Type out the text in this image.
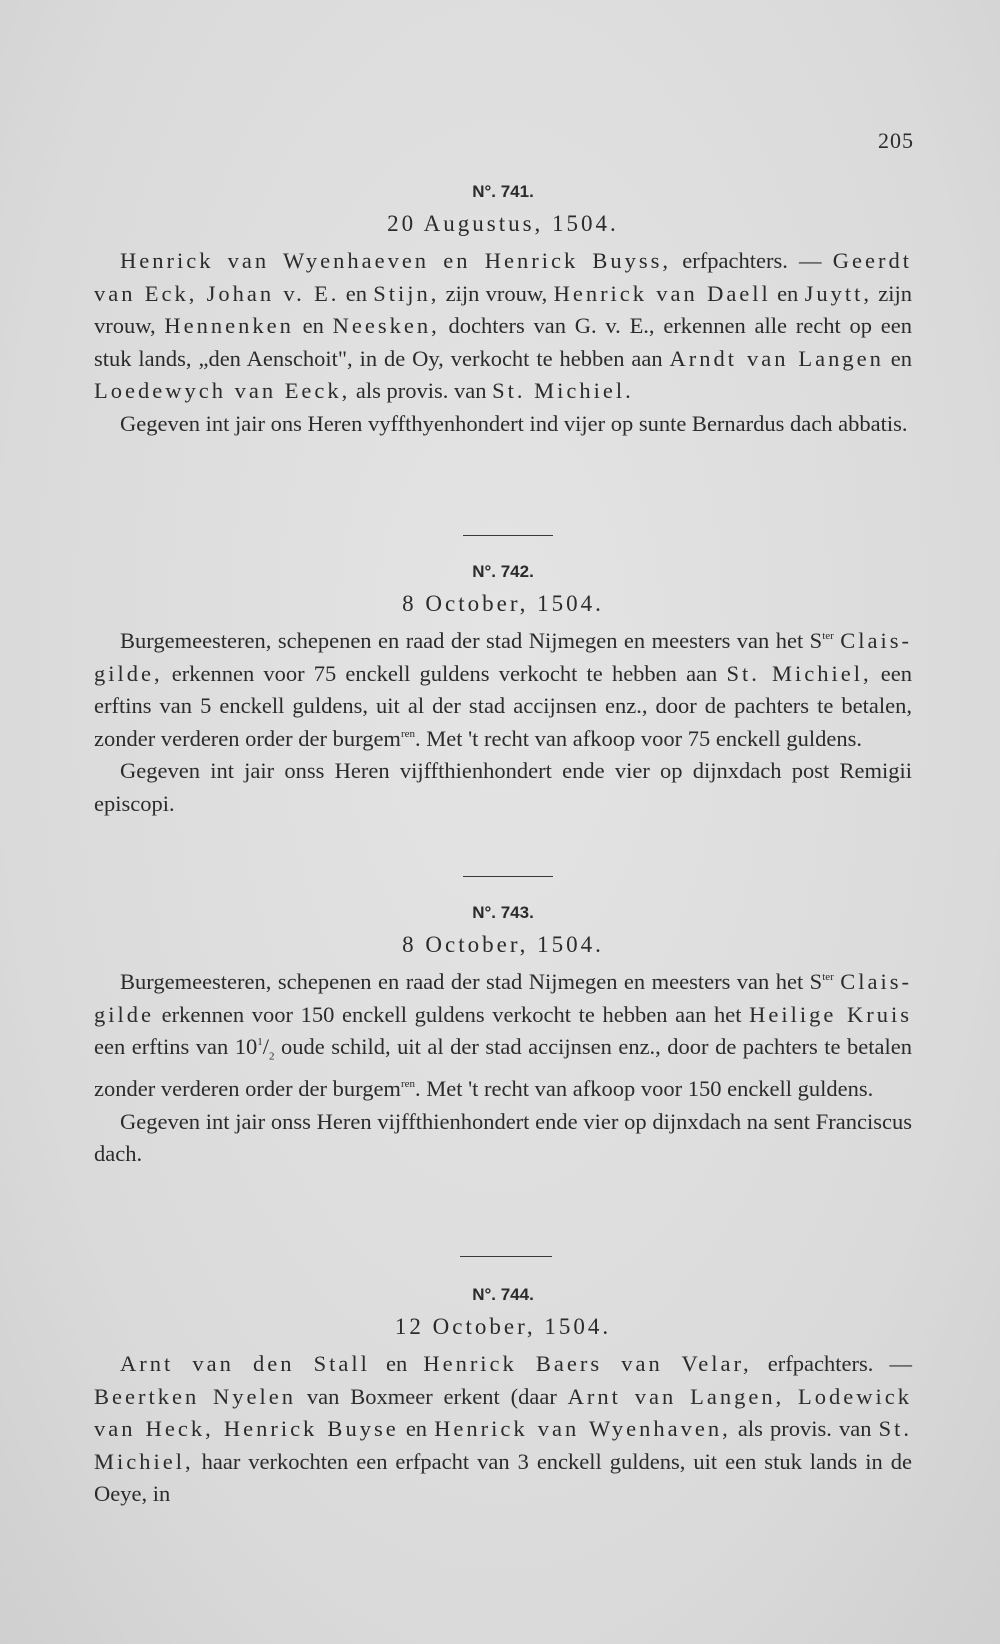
205
N°. 741.
20 Augustus, 1504.

Henrick van Wyenhaeven en Henrick Buyss, erfpachters. — Geerdt van Eck, Johan v. E. en Stijn, zijn vrouw, Henrick van Daell en Juytt, zijn vrouw, Hennenken en Neesken, dochters van G. v. E., erkennen alle recht op een stuk lands, „den Aenschoit", in de Oy, verkocht te hebben aan Arndt van Langen en Loedewych van Eeck, als provis. van St. Michiel.

Gegeven int jair ons Heren vyffthyenhondert ind vijer op sunte Bernardus dach abbatis.

N°. 742.
8 October, 1504.

Burgemeesteren, schepenen en raad der stad Nijmegen en meesters van het $S^{ter}$ Clais-gilde, erkennen voor 75 enckell guldens verkocht te hebben aan St. Michiel, een erftins van 5 enckell guldens, uit al der stad accijnsen enz., door de pachters te betalen, zonder verderen order der burgem$^{ren}$. Met 't recht van afkoop voor 75 enckell guldens.

Gegeven int jair onss Heren vijffthienhondert ende vier op dijnxdach post Remigii episcopi.

N°. 743.
8 October, 1504.

Burgemeesteren, schepenen en raad der stad Nijmegen en meesters van het $S^{ter}$ Clais-gilde erkennen voor 150 enckell guldens verkocht te hebben aan het Heilige Kruis een erftins van $10^1/_2$ oude schild, uit al der stad accijnsen enz., door de pachters te betalen zonder verderen order der burgem$^{ren}$. Met 't recht van afkoop voor 150 enckell guldens.

Gegeven int jair onss Heren vijffthienhondert ende vier op dijnxdach na sent Franciscus dach.

N°. 744.
12 October, 1504.

Arnt van den Stall en Henrick Baers van Velar, erfpachters. — Beertken Nyelen van Boxmeer erkent (daar Arnt van Langen, Lodewick van Heck, Henrick Buyse en Henrick van Wyenhaven, als provis. van St. Michiel, haar verkochten een erfpacht van 3 enckell guldens, uit een stuk lands in de Oeye, in
